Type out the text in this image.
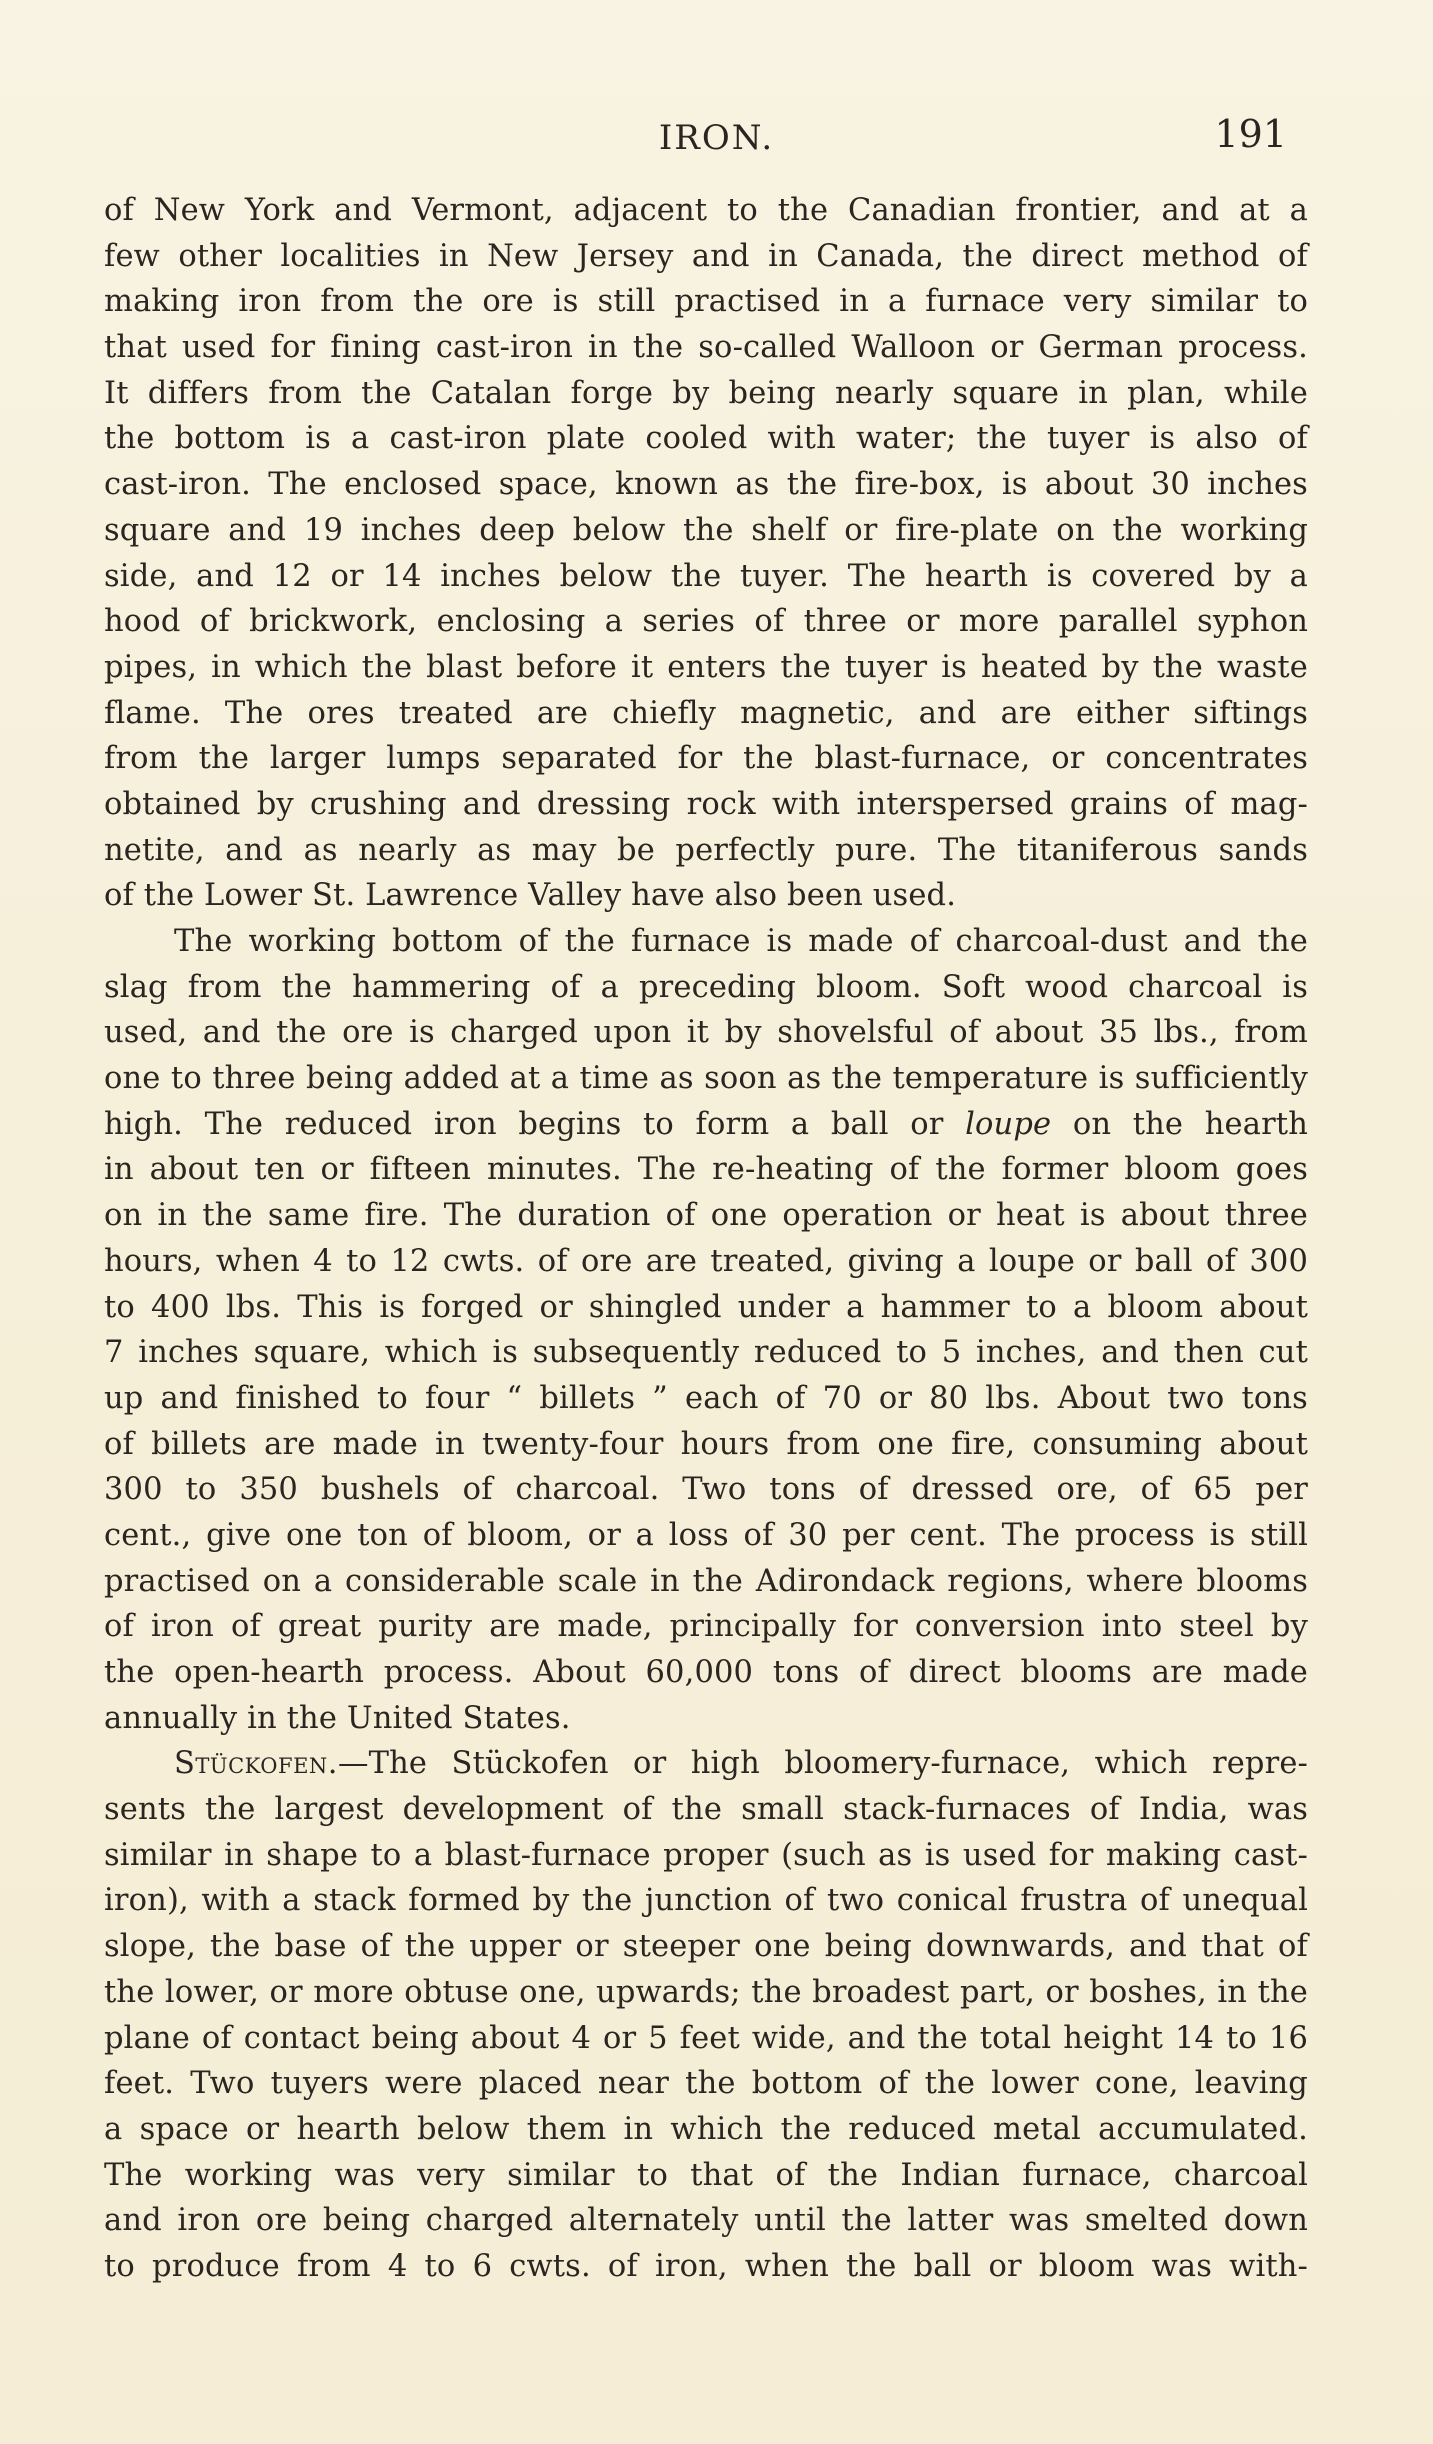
IRON.	191
of New York and Vermont, adjacent to the Canadian frontier, and at a
few other localities in New Jersey and in Canada, the direct method of
making iron from the ore is still practised in a furnace very similar to
that used for fining cast-iron in the so-called Walloon or German process.
It differs from the Catalan forge by being nearly square in plan, while
the bottom is a cast-iron plate cooled with water; the tuyer is also of
cast-iron. The enclosed space, known as the fire-box, is about 30 inches
square and 19 inches deep below the shelf or fire-plate on the working
side, and 12 or 14 inches below the tuyer. The hearth is covered by a
hood of brickwork, enclosing a series of three or more parallel syphon
pipes, in which the blast before it enters the tuyer is heated by the waste
flame. The ores treated are chiefly magnetic, and are either siftings
from the larger lumps separated for the blast-furnace, or concentrates
obtained by crushing and dressing rock with interspersed grains of mag-
netite, and as nearly as may be perfectly pure. The titaniferous sands
of the Lower St. Lawrence Valley have also been used.
The working bottom of the furnace is made of charcoal-dust and the
slag from the hammering of a preceding bloom. Soft wood charcoal is
used, and the ore is charged upon it by shovelsful of about 35 lbs., from
one to three being added at a time as soon as the temperature is sufficiently
high. The reduced iron begins to form a ball or loupe on the hearth
in about ten or fifteen minutes. The re-heating of the former bloom goes
on in the same fire. The duration of one operation or heat is about three
hours, when 4 to 12 cwts. of ore are treated, giving a loupe or ball of 300
to 400 lbs. This is forged or shingled under a hammer to a bloom about
7 inches square, which is subsequently reduced to 5 inches, and then cut
up and finished to four “ billets ” each of 70 or 80 lbs. About two tons
of billets are made in twenty-four hours from one fire, consuming about
300 to 350 bushels of charcoal. Two tons of dressed ore, of 65 per
cent., give one ton of bloom, or a loss of 30 per cent. The process is still
practised on a considerable scale in the Adirondack regions, where blooms
of iron of great purity are made, principally for conversion into steel by
the open-hearth process. About 60,000 tons of direct blooms are made
annually in the United States.
Stückofen.—The Stückofen or high bloomery-furnace, which repre-
sents the largest development of the small stack-furnaces of India, was
similar in shape to a blast-furnace proper (such as is used for making cast-
iron), with a stack formed by the junction of two conical frustra of unequal
slope, the base of the upper or steeper one being downwards, and that of
the lower, or more obtuse one, upwards; the broadest part, or boshes, in the
plane of contact being about 4 or 5 feet wide, and the total height 14 to 16
feet. Two tuyers were placed near the bottom of the lower cone, leaving
a space or hearth below them in which the reduced metal accumulated.
The working was very similar to that of the Indian furnace, charcoal
and iron ore being charged alternately until the latter was smelted down
to produce from 4 to 6 cwts. of iron, when the ball or bloom was with-
